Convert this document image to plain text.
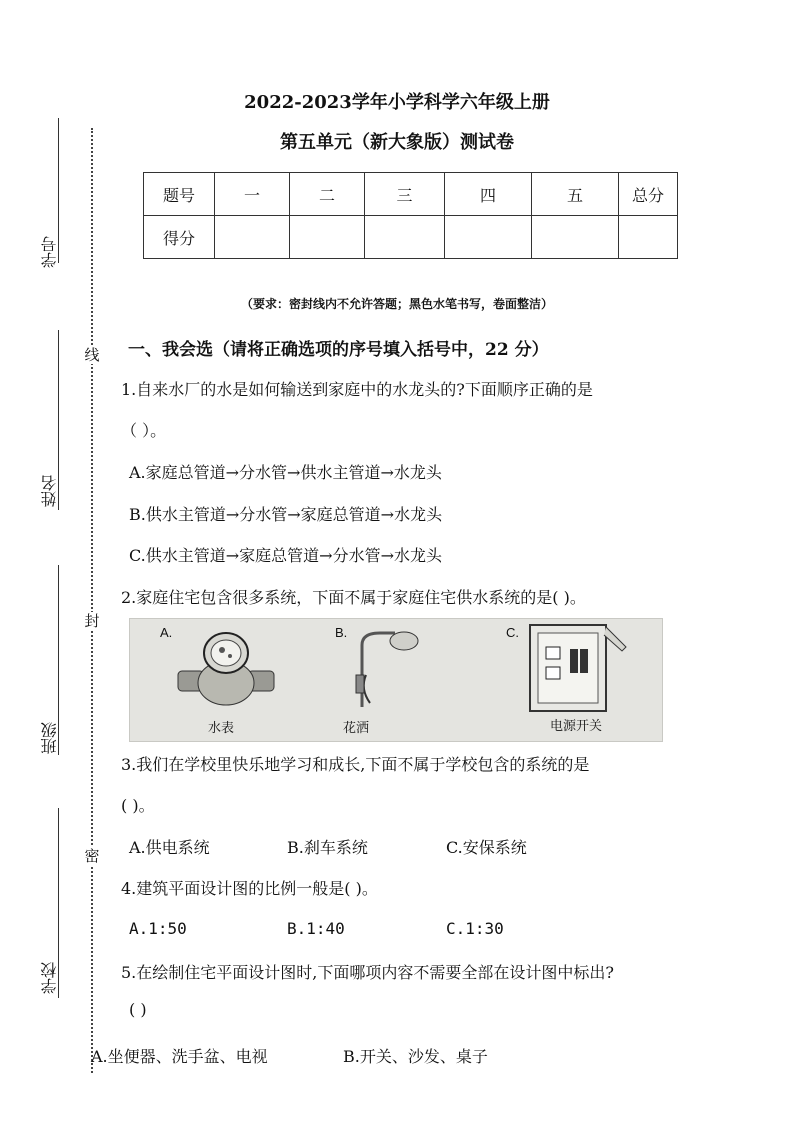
学号
姓名
班级
学校
线
封
密
2022-2023学年小学科学六年级上册
第五单元（新大象版）测试卷
题号	一	二	三	四	五	总分
得分						
（要求：密封线内不允许答题；黑色水笔书写，卷面整洁）
一、我会选（请将正确选项的序号填入括号中，22 分）
1.自来水厂的水是如何输送到家庭中的水龙头的?下面顺序正确的是
（ ）。
A.家庭总管道→分水管→供水主管道→水龙头
B.供水主管道→分水管→家庭总管道→水龙头
C.供水主管道→家庭总管道→分水管→水龙头
2.家庭住宅包含很多系统，下面不属于家庭住宅供水系统的是( )。
A.	B.	C.
水表	花洒	电源开关
3.我们在学校里快乐地学习和成长,下面不属于学校包含的系统的是
( )。
A.供电系统	B.刹车系统	C.安保系统
4.建筑平面设计图的比例一般是( )。
A.1:50	B.1:40	C.1:30
5.在绘制住宅平面设计图时,下面哪项内容不需要全部在设计图中标出?
( )
A.坐便器、洗手盆、电视	B.开关、沙发、桌子
